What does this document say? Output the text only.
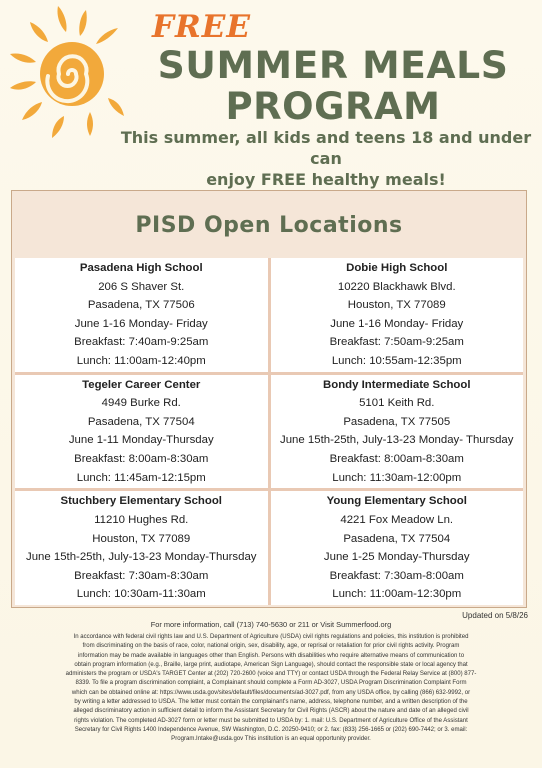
FREE
SUMMER MEALS
PROGRAM
This summer, all kids and teens 18 and under can
enjoy FREE healthy meals!
PISD Open Locations
Pasadena High School
206 S Shaver St.
Pasadena, TX 77506
June 1-16 Monday- Friday
Breakfast: 7:40am-9:25am
Lunch: 11:00am-12:40pm
Dobie High School
10220 Blackhawk Blvd.
Houston, TX 77089
June 1-16 Monday- Friday
Breakfast: 7:50am-9:25am
Lunch: 10:55am-12:35pm
Tegeler Career Center
4949 Burke Rd.
Pasadena, TX 77504
June 1-11 Monday-Thursday
Breakfast: 8:00am-8:30am
Lunch: 11:45am-12:15pm
Bondy Intermediate School
5101 Keith Rd.
Pasadena, TX 77505
June 15th-25th, July-13-23 Monday- Thursday
Breakfast: 8:00am-8:30am
Lunch: 11:30am-12:00pm
Stuchbery Elementary School
11210 Hughes Rd.
Houston, TX 77089
June 15th-25th, July-13-23 Monday-Thursday
Breakfast: 7:30am-8:30am
Lunch: 10:30am-11:30am
Young Elementary School
4221 Fox Meadow Ln.
Pasadena, TX 77504
June 1-25 Monday-Thursday
Breakfast: 7:30am-8:00am
Lunch: 11:00am-12:30pm
Updated on 5/8/26
For more information, call (713) 740-5630 or 211 or Visit Summerfood.org
In accordance with federal civil rights law and U.S. Department of Agriculture (USDA) civil rights regulations and policies, this institution is prohibited
from discriminating on the basis of race, color, national origin, sex, disability, age, or reprisal or retaliation for prior civil rights activity. Program
information may be made available in languages other than English. Persons with disabilities who require alternative means of communication to
obtain program information (e.g., Braille, large print, audiotape, American Sign Language), should contact the responsible state or local agency that
administers the program or USDA's TARGET Center at (202) 720-2600 (voice and TTY) or contact USDA through the Federal Relay Service at (800) 877-
8339. To file a program discrimination complaint, a Complainant should complete a Form AD-3027, USDA Program Discrimination Complaint Form
which can be obtained online at: https://www.usda.gov/sites/default/files/documents/ad-3027.pdf, from any USDA office, by calling (866) 632-9992, or
by writing a letter addressed to USDA. The letter must contain the complainant's name, address, telephone number, and a written description of the
alleged discriminatory action in sufficient detail to inform the Assistant Secretary for Civil Rights (ASCR) about the nature and date of an alleged civil
rights violation. The completed AD-3027 form or letter must be submitted to USDA by: 1. mail: U.S. Department of Agriculture Office of the Assistant
Secretary for Civil Rights 1400 Independence Avenue, SW Washington, D.C. 20250-9410; or 2. fax: (833) 256-1665 or (202) 690-7442; or 3. email:
Program.Intake@usda.gov This institution is an equal opportunity provider.
